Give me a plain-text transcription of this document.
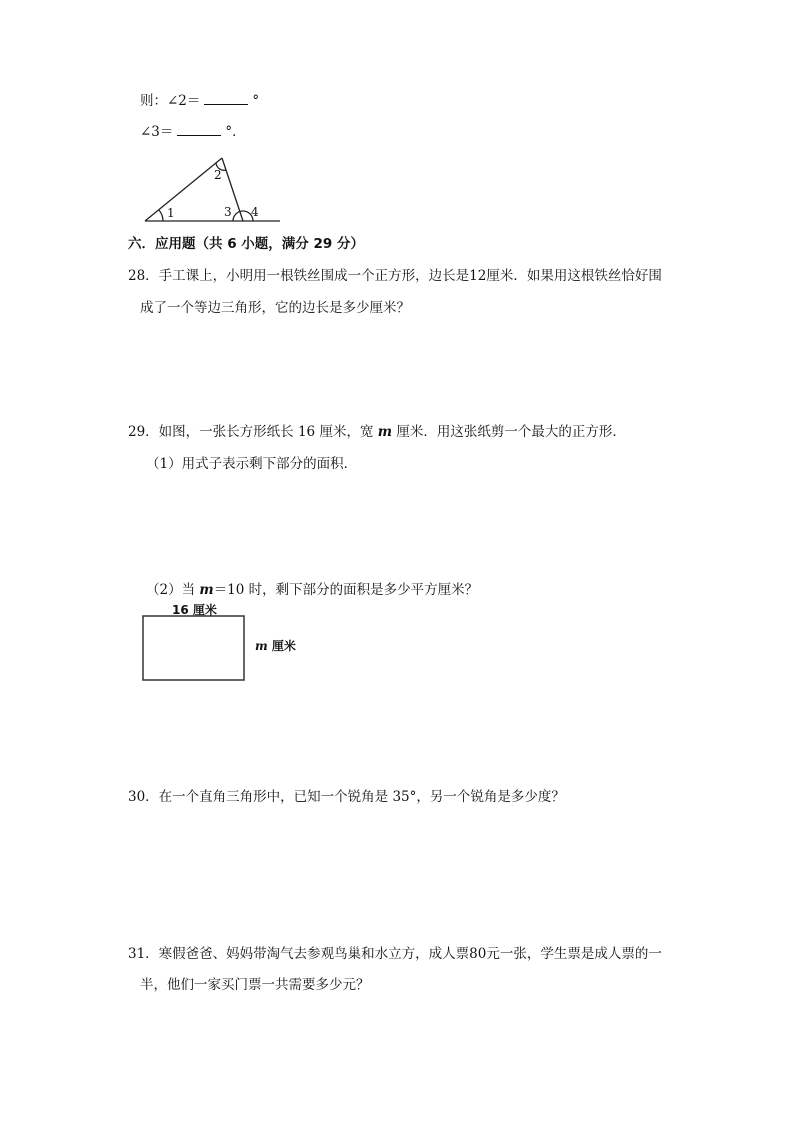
则：∠2＝	°
∠3＝	°．
1
2
3 4
六．应用题（共 6 小题，满分 29 分）
28．手工课上，小明用一根铁丝围成一个正方形，边长是12厘米．如果用这根铁丝恰好围
成了一个等边三角形，它的边长是多少厘米？
29．如图，一张长方形纸长 16 厘米，宽 m 厘米．用这张纸剪一个最大的正方形．
（1）用式子表示剩下部分的面积．
（2）当 m＝10 时，剩下部分的面积是多少平方厘米？
16 厘米
m 厘米
30．在一个直角三角形中，已知一个锐角是 35°，另一个锐角是多少度？
31．寒假爸爸、妈妈带淘气去参观鸟巢和水立方，成人票80元一张，学生票是成人票的一
半，他们一家买门票一共需要多少元？
